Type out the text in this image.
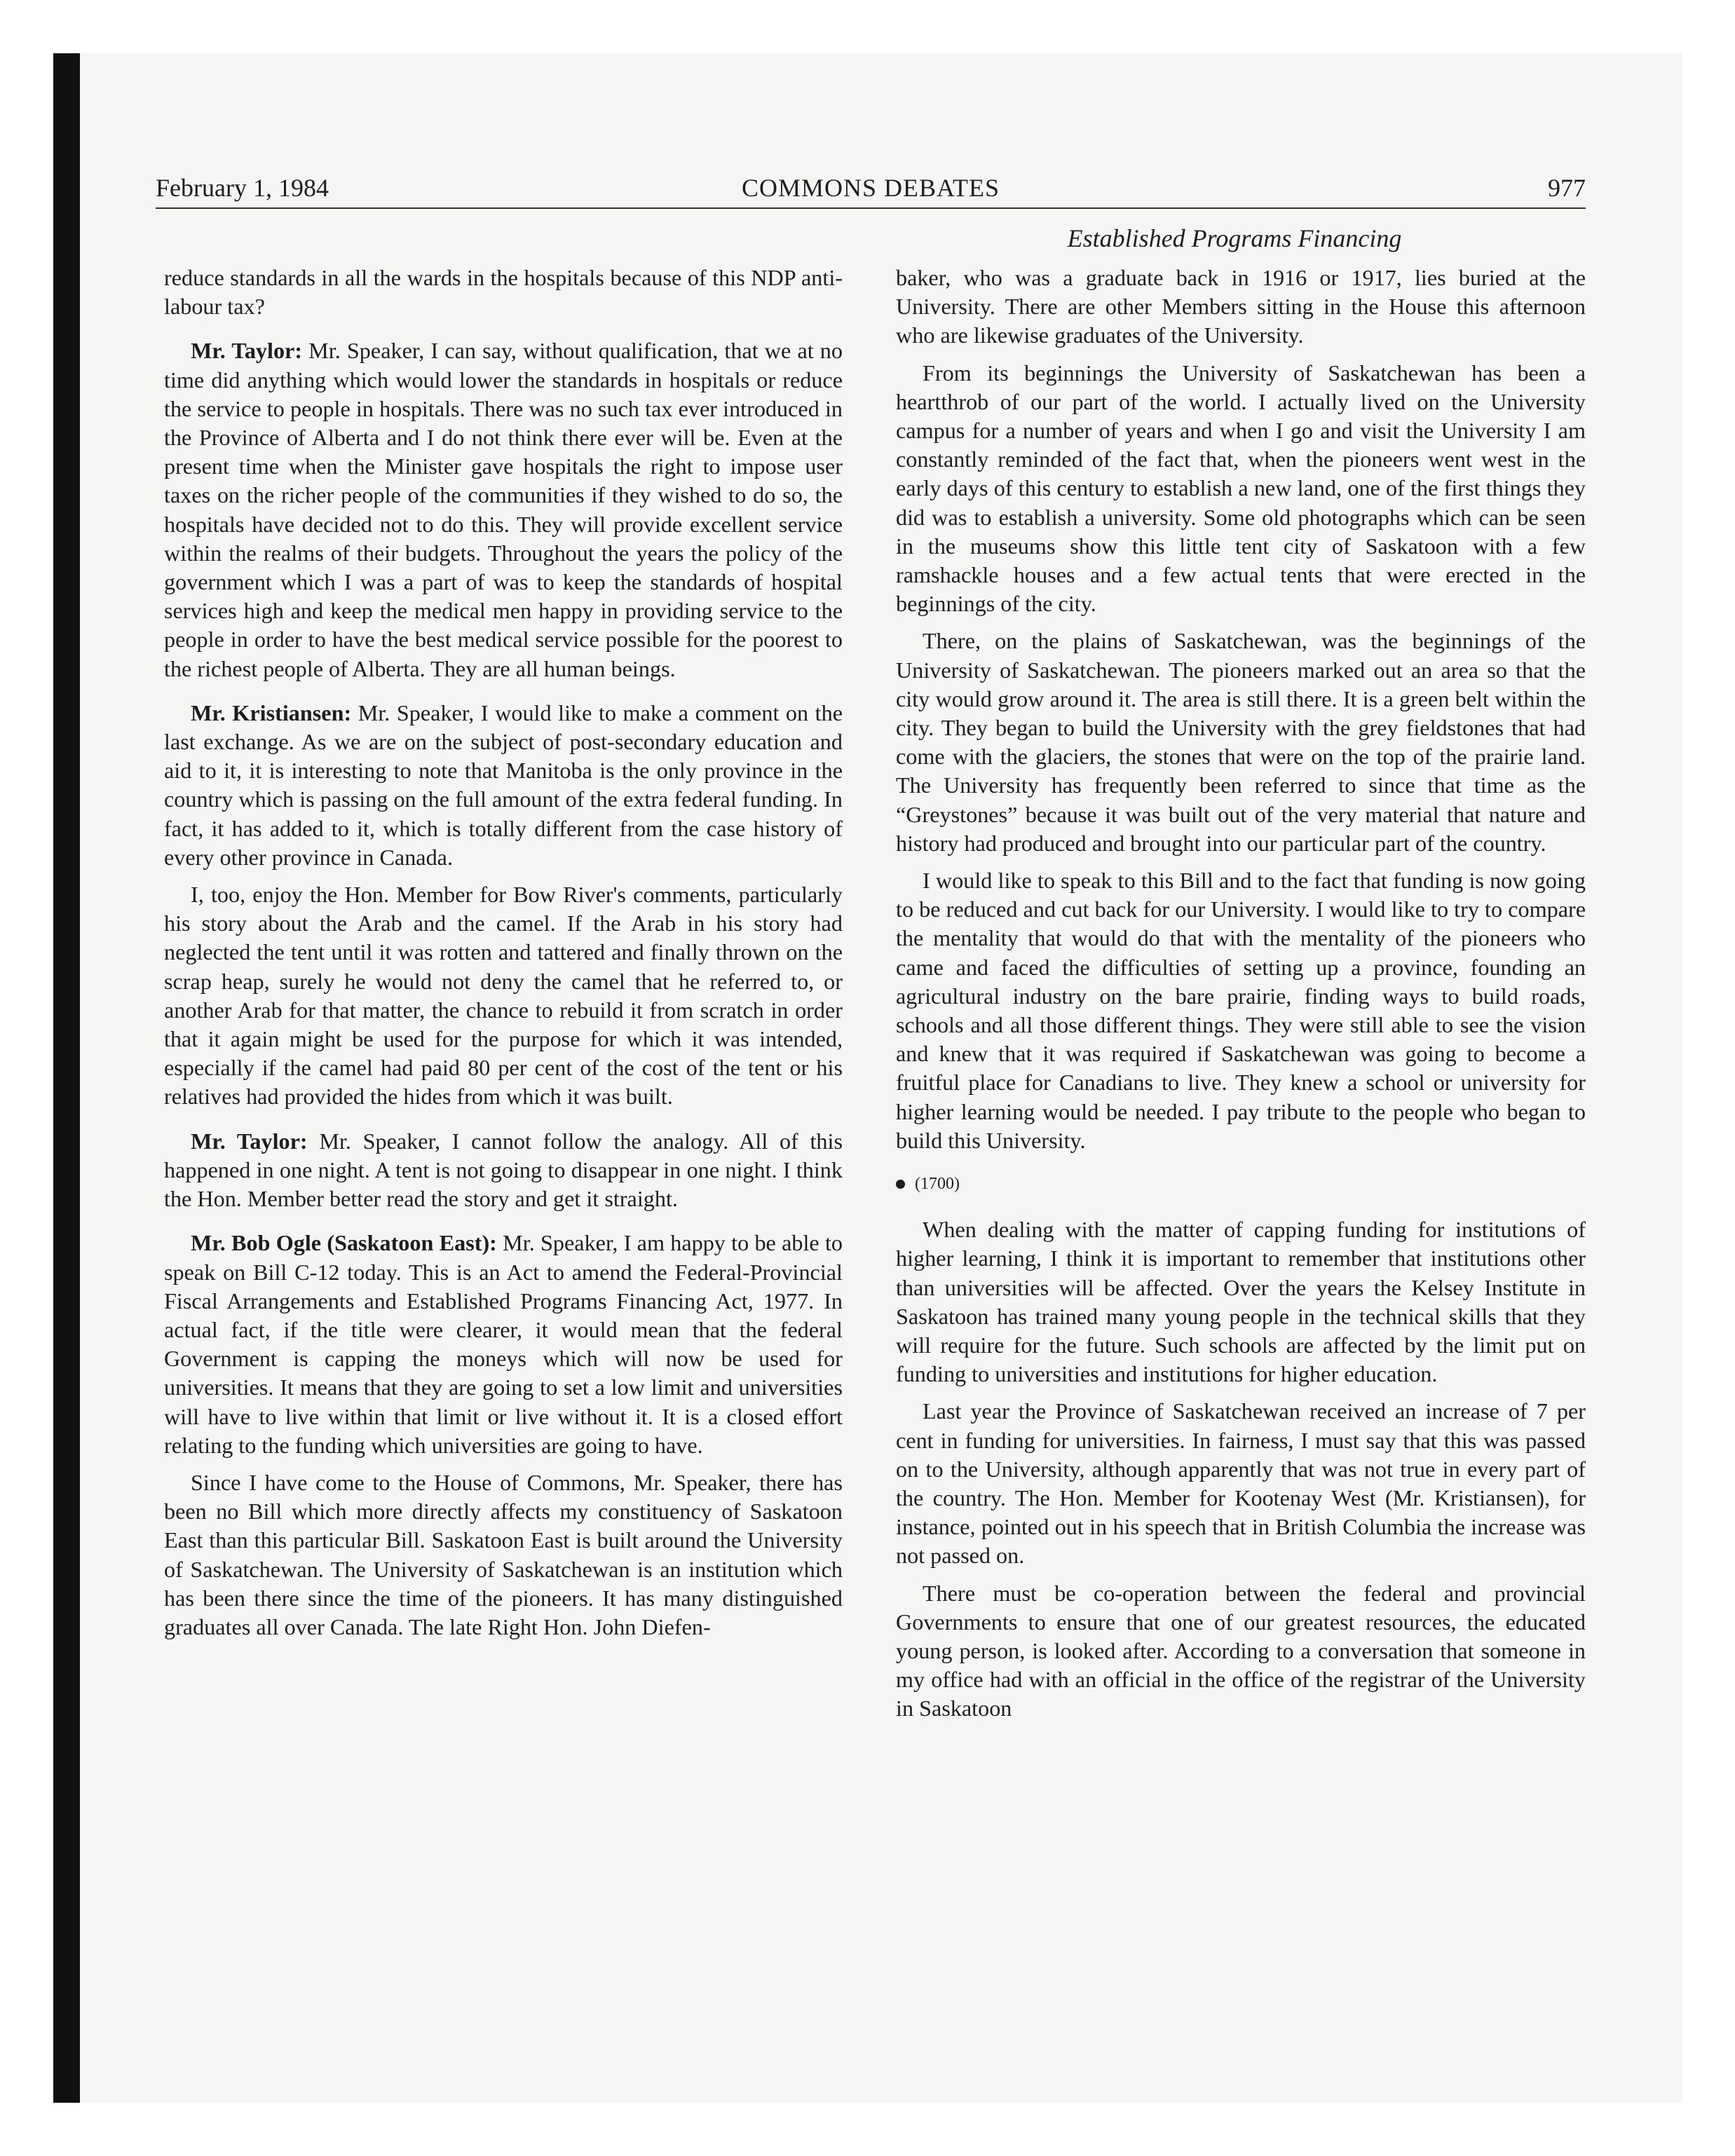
February 1, 1984	COMMONS DEBATES	977
Established Programs Financing

reduce standards in all the wards in the hospitals because of this NDP anti-labour tax?

Mr. Taylor: Mr. Speaker, I can say, without qualification, that we at no time did anything which would lower the standards in hospitals or reduce the service to people in hospitals. There was no such tax ever introduced in the Province of Alberta and I do not think there ever will be. Even at the present time when the Minister gave hospitals the right to impose user taxes on the richer people of the communities if they wished to do so, the hospitals have decided not to do this. They will provide excellent service within the realms of their budgets. Throughout the years the policy of the government which I was a part of was to keep the standards of hospital services high and keep the medical men happy in providing service to the people in order to have the best medical service possible for the poorest to the richest people of Alberta. They are all human beings.

Mr. Kristiansen: Mr. Speaker, I would like to make a comment on the last exchange. As we are on the subject of post-secondary education and aid to it, it is interesting to note that Manitoba is the only province in the country which is passing on the full amount of the extra federal funding. In fact, it has added to it, which is totally different from the case history of every other province in Canada.

I, too, enjoy the Hon. Member for Bow River's comments, particularly his story about the Arab and the camel. If the Arab in his story had neglected the tent until it was rotten and tattered and finally thrown on the scrap heap, surely he would not deny the camel that he referred to, or another Arab for that matter, the chance to rebuild it from scratch in order that it again might be used for the purpose for which it was intended, especially if the camel had paid 80 per cent of the cost of the tent or his relatives had provided the hides from which it was built.

Mr. Taylor: Mr. Speaker, I cannot follow the analogy. All of this happened in one night. A tent is not going to disappear in one night. I think the Hon. Member better read the story and get it straight.

Mr. Bob Ogle (Saskatoon East): Mr. Speaker, I am happy to be able to speak on Bill C-12 today. This is an Act to amend the Federal-Provincial Fiscal Arrangements and Established Programs Financing Act, 1977. In actual fact, if the title were clearer, it would mean that the federal Government is capping the moneys which will now be used for universities. It means that they are going to set a low limit and universities will have to live within that limit or live without it. It is a closed effort relating to the funding which universities are going to have.

Since I have come to the House of Commons, Mr. Speaker, there has been no Bill which more directly affects my constituency of Saskatoon East than this particular Bill. Saskatoon East is built around the University of Saskatchewan. The University of Saskatchewan is an institution which has been there since the time of the pioneers. It has many distinguished graduates all over Canada. The late Right Hon. John Diefen-

baker, who was a graduate back in 1916 or 1917, lies buried at the University. There are other Members sitting in the House this afternoon who are likewise graduates of the University.

From its beginnings the University of Saskatchewan has been a heartthrob of our part of the world. I actually lived on the University campus for a number of years and when I go and visit the University I am constantly reminded of the fact that, when the pioneers went west in the early days of this century to establish a new land, one of the first things they did was to establish a university. Some old photographs which can be seen in the museums show this little tent city of Saskatoon with a few ramshackle houses and a few actual tents that were erected in the beginnings of the city.

There, on the plains of Saskatchewan, was the beginnings of the University of Saskatchewan. The pioneers marked out an area so that the city would grow around it. The area is still there. It is a green belt within the city. They began to build the University with the grey fieldstones that had come with the glaciers, the stones that were on the top of the prairie land. The University has frequently been referred to since that time as the “Greystones” because it was built out of the very material that nature and history had produced and brought into our particular part of the country.

I would like to speak to this Bill and to the fact that funding is now going to be reduced and cut back for our University. I would like to try to compare the mentality that would do that with the mentality of the pioneers who came and faced the difficulties of setting up a province, founding an agricultural industry on the bare prairie, finding ways to build roads, schools and all those different things. They were still able to see the vision and knew that it was required if Saskatchewan was going to become a fruitful place for Canadians to live. They knew a school or university for higher learning would be needed. I pay tribute to the people who began to build this University.

(1700)

When dealing with the matter of capping funding for institutions of higher learning, I think it is important to remember that institutions other than universities will be affected. Over the years the Kelsey Institute in Saskatoon has trained many young people in the technical skills that they will require for the future. Such schools are affected by the limit put on funding to universities and institutions for higher education.

Last year the Province of Saskatchewan received an increase of 7 per cent in funding for universities. In fairness, I must say that this was passed on to the University, although apparently that was not true in every part of the country. The Hon. Member for Kootenay West (Mr. Kristiansen), for instance, pointed out in his speech that in British Columbia the increase was not passed on.

There must be co-operation between the federal and provincial Governments to ensure that one of our greatest resources, the educated young person, is looked after. According to a conversation that someone in my office had with an official in the office of the registrar of the University in Saskatoon
